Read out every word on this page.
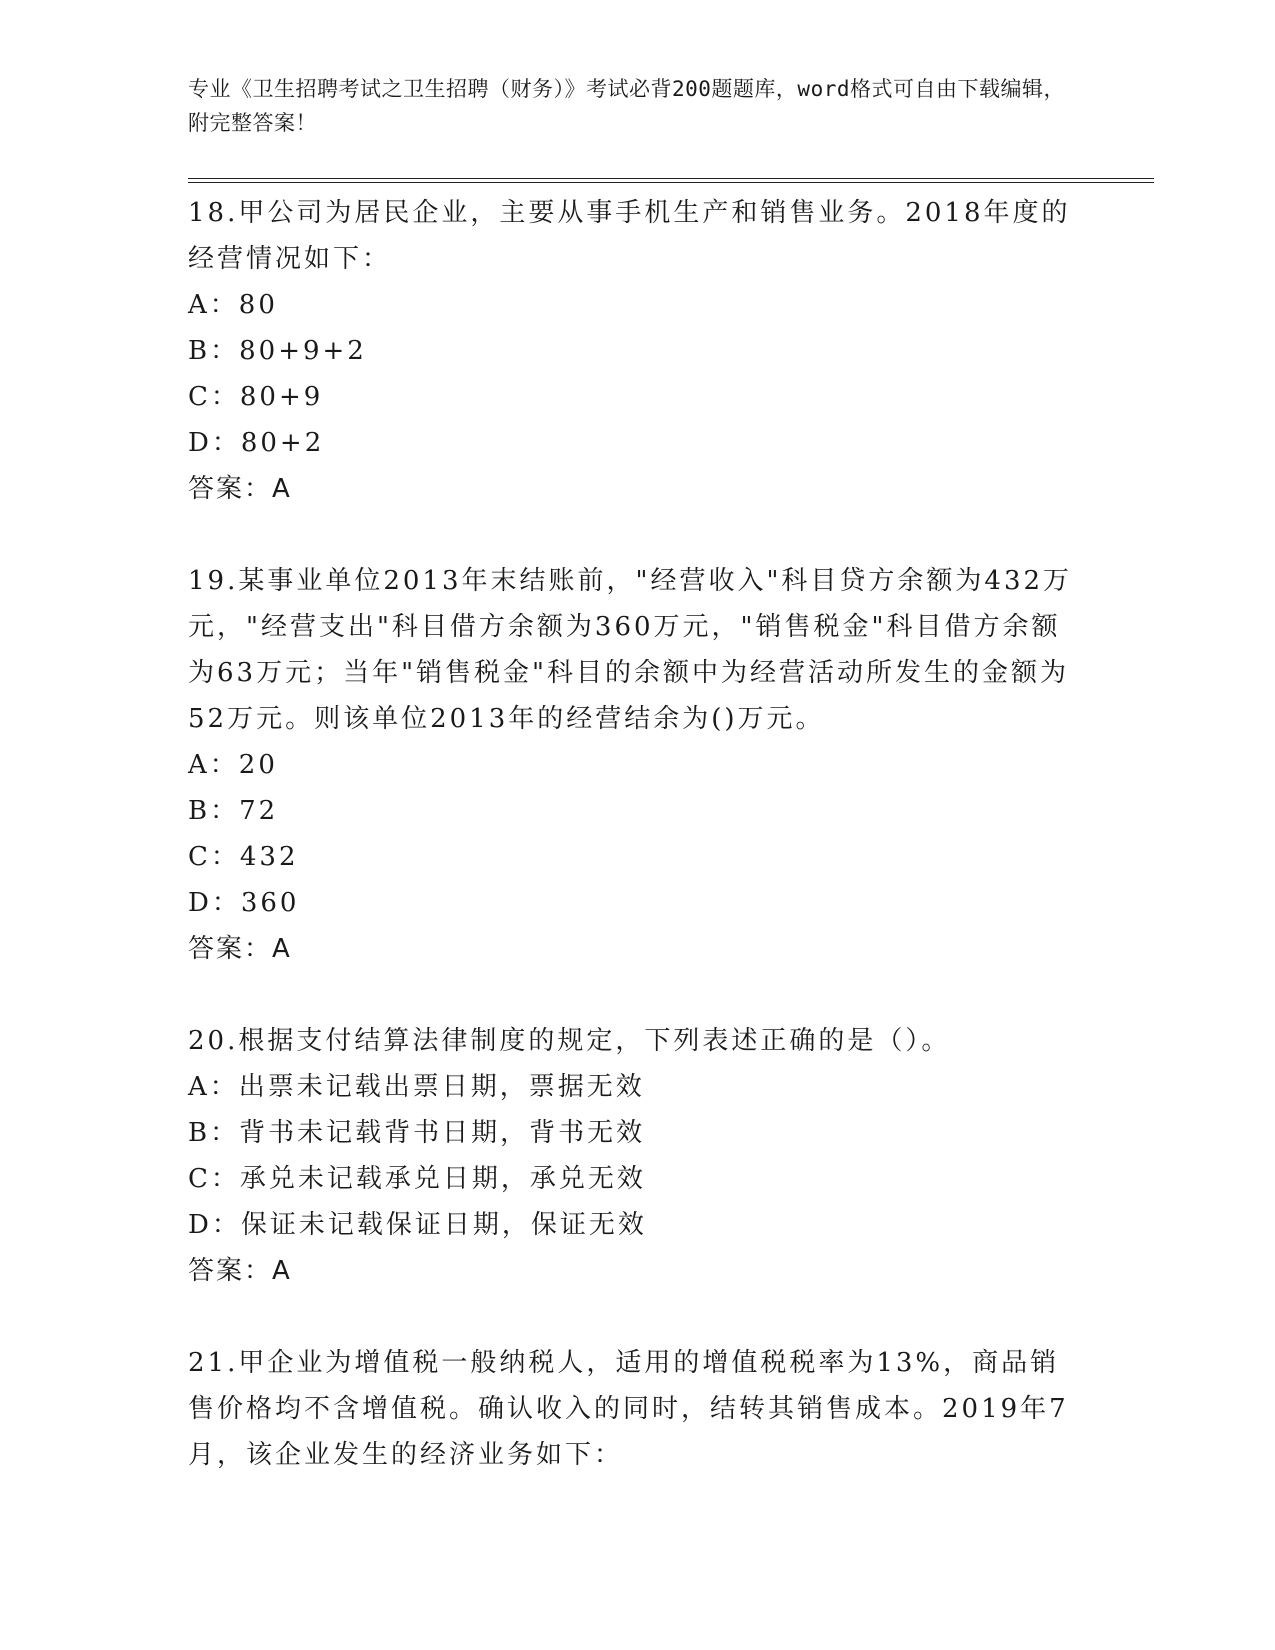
专业《卫生招聘考试之卫生招聘（财务）》考试必背200题题库，word格式可自由下载编辑，附完整答案！

18.甲公司为居民企业，主要从事手机生产和销售业务。2018年度的经营情况如下：

A：80

B：80+9+2

C：80+9

D：80+2

答案：A

19.某事业单位2013年末结账前，"经营收入"科目贷方余额为432万元，"经营支出"科目借方余额为360万元，"销售税金"科目借方余额为63万元；当年"销售税金"科目的余额中为经营活动所发生的金额为52万元。则该单位2013年的经营结余为()万元。

A：20

B：72

C：432

D：360

答案：A

20.根据支付结算法律制度的规定，下列表述正确的是（）。

A：出票未记载出票日期，票据无效

B：背书未记载背书日期，背书无效

C：承兑未记载承兑日期，承兑无效

D：保证未记载保证日期，保证无效

答案：A

21.甲企业为增值税一般纳税人，适用的增值税税率为13%，商品销售价格均不含增值税。确认收入的同时，结转其销售成本。2019年7月，该企业发生的经济业务如下：
